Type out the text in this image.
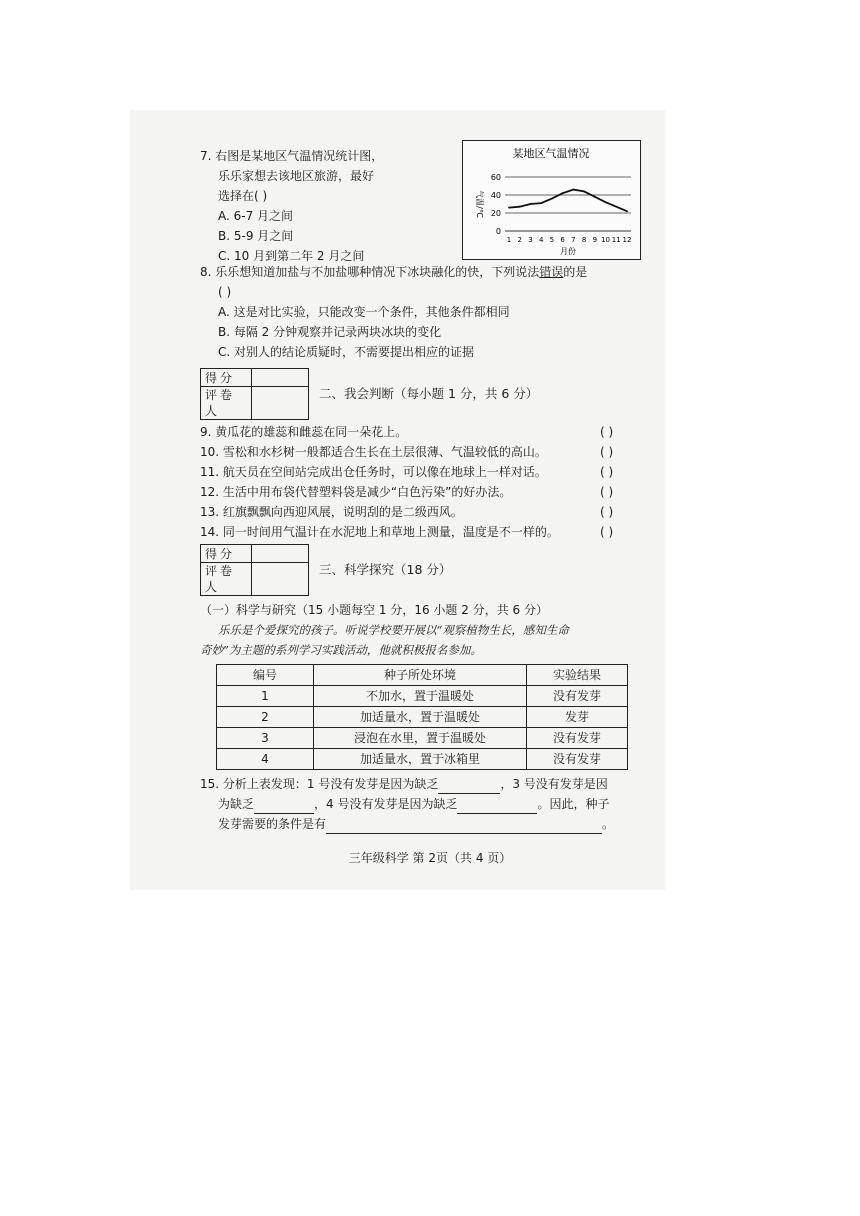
7. 右图是某地区气温情况统计图，
乐乐家想去该地区旅游，最好
选择在( )
A. 6-7 月之间
B. 5-9 月之间
C. 10 月到第二年 2 月之间
某地区气温情况
气温/℃
0
20
40
60
1 2 3 4 5 6 7 8 9 10 11 12
月份
8. 乐乐想知道加盐与不加盐哪种情况下冰块融化的快，下列说法错误的是
( )
A. 这是对比实验，只能改变一个条件，其他条件都相同
B. 每隔 2 分钟观察并记录两块冰块的变化
C. 对别人的结论质疑时，不需要提出相应的证据
得分	
评卷人	
二、我会判断（每小题 1 分，共 6 分）
9. 黄瓜花的雄蕊和雌蕊在同一朵花上。	( )
10. 雪松和水杉树一般都适合生长在土层很薄、气温较低的高山。	( )
11. 航天员在空间站完成出仓任务时，可以像在地球上一样对话。	( )
12. 生活中用布袋代替塑料袋是减少“白色污染”的好办法。	( )
13. 红旗飘飘向西迎风展，说明刮的是二级西风。	( )
14. 同一时间用气温计在水泥地上和草地上测量，温度是不一样的。	( )
得分	
评卷人	
三、科学探究（18 分）
（一）科学与研究（15 小题每空 1 分，16 小题 2 分，共 6 分）
乐乐是个爱探究的孩子。听说学校要开展以“观察植物生长，感知生命
奇妙”为主题的系列学习实践活动，他就积极报名参加。
编号	种子所处环境	实验结果
1	不加水，置于温暖处	没有发芽
2	加适量水，置于温暖处	发芽
3	浸泡在水里，置于温暖处	没有发芽
4	加适量水，置于冰箱里	没有发芽
15. 分析上表发现：1 号没有发芽是因为缺乏	，3 号没有发芽是因
为缺乏	，4 号没有发芽是因为缺乏	。因此，种子
发芽需要的条件是有	。
三年级科学 第 2页（共 4 页）
